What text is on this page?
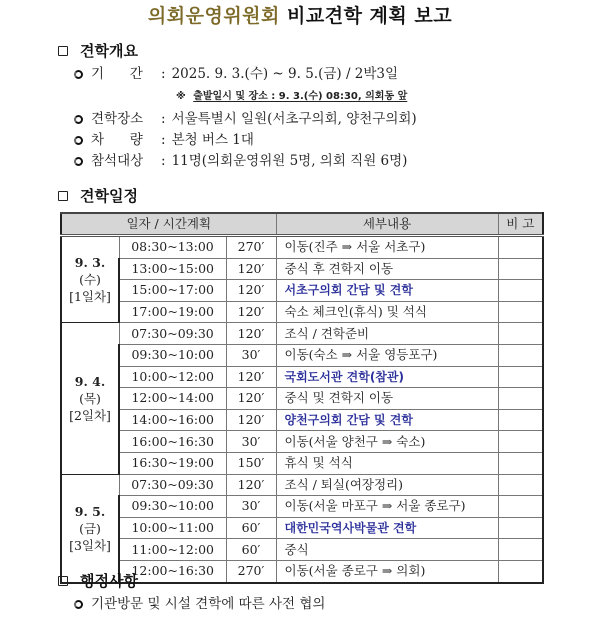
의회운영위원회 비교견학 계획 보고
견학개요
기      간	: 2025. 9. 3.(수) ~ 9. 5.(금) / 2박3일
※ 출발일시 및 장소 : 9. 3.(수) 08:30, 의회동 앞
견학장소	: 서울특별시 일원(서초구의회, 양천구의회)
차      량	: 본청 버스 1대
참석대상	: 11명(의회운영위원 5명, 의회 직원 6명)
견학일정
일자 / 시간계획			세부내용	비 고

9. 3.
(수)
[1일차]	08:30~13:00	270′	이동(진주 ⇒ 서울 서초구)	
	13:00~15:00	120′	중식 후 견학지 이동	
	15:00~17:00	120′	서초구의회 간담 및 견학	
	17:00~19:00	120′	숙소 체크인(휴식) 및 석식	

9. 4.
(목)
[2일차]	07:30~09:30	120′	조식 / 견학준비	
	09:30~10:00	30′	이동(숙소 ⇒ 서울 영등포구)	
	10:00~12:00	120′	국회도서관 견학(참관)	
	12:00~14:00	120′	중식 및 견학지 이동	
	14:00~16:00	120′	양천구의회 간담 및 견학	
	16:00~16:30	30′	이동(서울 양천구 ⇒ 숙소)	
	16:30~19:00	150′	휴식 및 석식	

9. 5.
(금)
[3일차]	07:30~09:30	120′	조식 / 퇴실(여장정리)	
	09:30~10:00	30′	이동(서울 마포구 ⇒ 서울 종로구)	
	10:00~11:00	60′	대한민국역사박물관 견학	
	11:00~12:00	60′	중식	
	12:00~16:30	270′	이동(서울 종로구 ⇒ 의회)	
행정사항
기관방문 및 시설 견학에 따른 사전 협의
